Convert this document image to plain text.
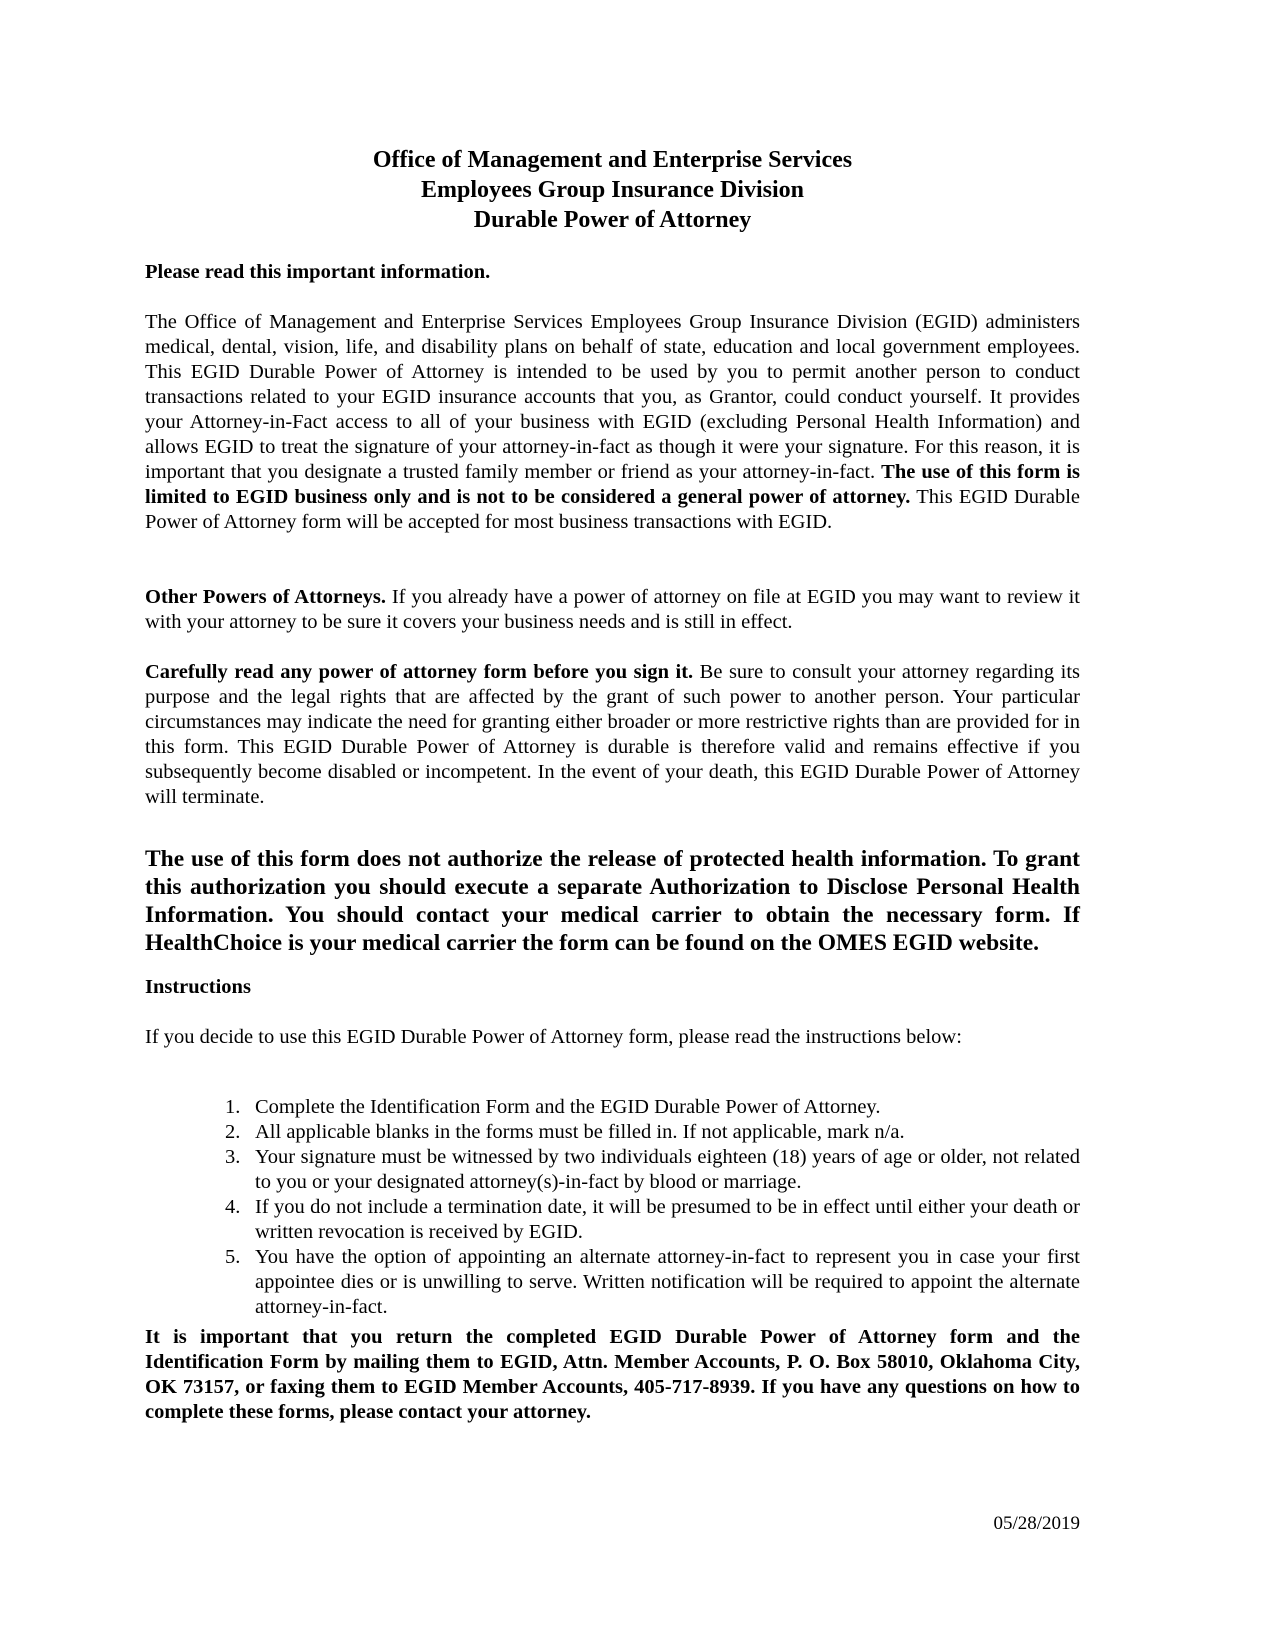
Office of Management and Enterprise Services
Employees Group Insurance Division
Durable Power of Attorney
Please read this important information.
The Office of Management and Enterprise Services Employees Group Insurance Division (EGID) administers medical, dental, vision, life, and disability plans on behalf of state, education and local government employees. This EGID Durable Power of Attorney is intended to be used by you to permit another person to conduct transactions related to your EGID insurance accounts that you, as Grantor, could conduct yourself. It provides your Attorney-in-Fact access to all of your business with EGID (excluding Personal Health Information) and allows EGID to treat the signature of your attorney-in-fact as though it were your signature. For this reason, it is important that you designate a trusted family member or friend as your attorney-in-fact. The use of this form is limited to EGID business only and is not to be considered a general power of attorney. This EGID Durable Power of Attorney form will be accepted for most business transactions with EGID.
Other Powers of Attorneys. If you already have a power of attorney on file at EGID you may want to review it with your attorney to be sure it covers your business needs and is still in effect.
Carefully read any power of attorney form before you sign it. Be sure to consult your attorney regarding its purpose and the legal rights that are affected by the grant of such power to another person. Your particular circumstances may indicate the need for granting either broader or more restrictive rights than are provided for in this form. This EGID Durable Power of Attorney is durable is therefore valid and remains effective if you subsequently become disabled or incompetent. In the event of your death, this EGID Durable Power of Attorney will terminate.
The use of this form does not authorize the release of protected health information. To grant this authorization you should execute a separate Authorization to Disclose Personal Health Information. You should contact your medical carrier to obtain the necessary form. If HealthChoice is your medical carrier the form can be found on the OMES EGID website.
Instructions
If you decide to use this EGID Durable Power of Attorney form, please read the instructions below:
1. Complete the Identification Form and the EGID Durable Power of Attorney.
2. All applicable blanks in the forms must be filled in. If not applicable, mark n/a.
3. Your signature must be witnessed by two individuals eighteen (18) years of age or older, not related to you or your designated attorney(s)-in-fact by blood or marriage.
4. If you do not include a termination date, it will be presumed to be in effect until either your death or written revocation is received by EGID.
5. You have the option of appointing an alternate attorney-in-fact to represent you in case your first appointee dies or is unwilling to serve. Written notification will be required to appoint the alternate attorney-in-fact.
It is important that you return the completed EGID Durable Power of Attorney form and the Identification Form by mailing them to EGID, Attn. Member Accounts, P. O. Box 58010, Oklahoma City, OK 73157, or faxing them to EGID Member Accounts, 405-717-8939. If you have any questions on how to complete these forms, please contact your attorney.
05/28/2019
